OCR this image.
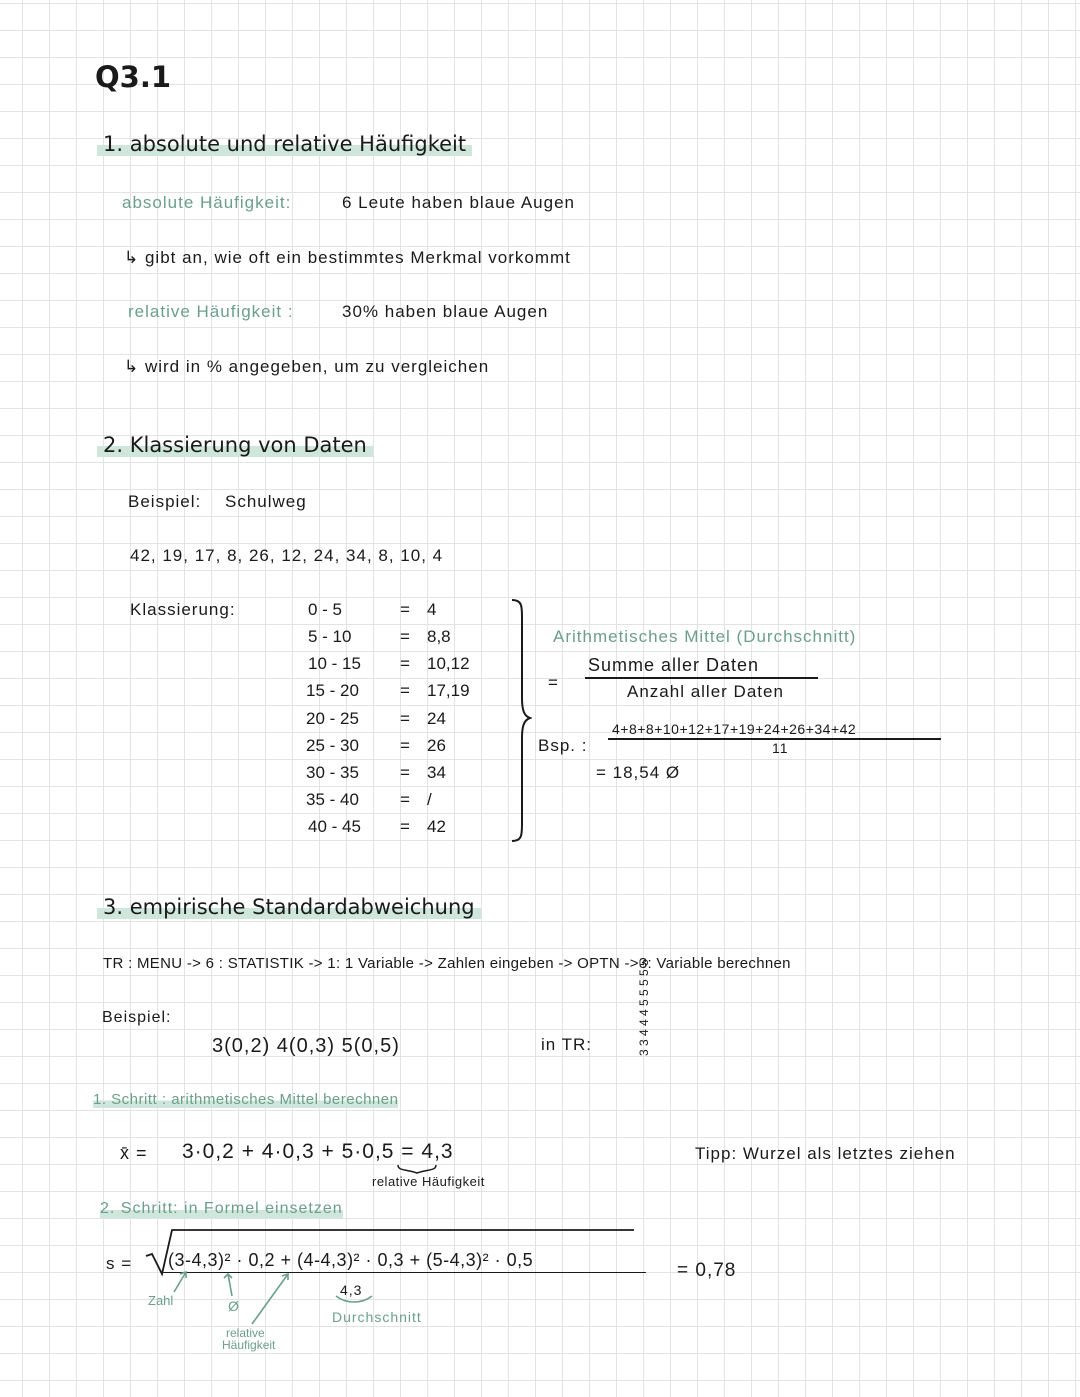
Q3.1
1. absolute und relative Häufigkeit
absolute Häufigkeit:	6 Leute haben blaue Augen
↳ gibt an, wie oft ein bestimmtes Merkmal vorkommt
relative Häufigkeit :	30% haben blaue Augen
↳ wird in % angegeben, um zu vergleichen
2. Klassierung von Daten
Beispiel: Schulweg
42, 19, 17, 8, 26, 12, 24, 34, 8, 10, 4
Klassierung:	0 - 5	= 4
5 - 10	= 8,8
10 - 15 = 10,12
15 - 20 = 17,19
20 - 25 = 24
25 - 30 = 26
30 - 35 = 34
35 - 40 = /
40 - 45 = 42
=
Arithmetisches Mittel (Durchschnitt)
Summe aller Daten
Anzahl aller Daten
Bsp. :
4+8+8+10+12+17+19+24+26+34+42
11
= 18,54 Ø
3. empirische Standardabweichung
TR : MENU -> 6 : STATISTIK -> 1: 1 Variable -> Zahlen eingeben -> OPTN ->3: Variable berechnen
Beispiel:
3(0,2) 4(0,3) 5(0,5)	in TR:	3 3 4 4 4 5 5 5 5 5
1. Schritt : arithmetisches Mittel berechnen
x̄ = 3·0,2 + 4·0,3 + 5·0,5 = 4,3
relative Häufigkeit
Tipp: Wurzel als letztes ziehen
2. Schritt: in Formel einsetzen
s = (3-4,3)² · 0,2 + (4-4,3)² · 0,3 + (5-4,3)² · 0,5	= 0,78
Zahl	Ø
relative
Häufigkeit
4,3
Durchschnitt
